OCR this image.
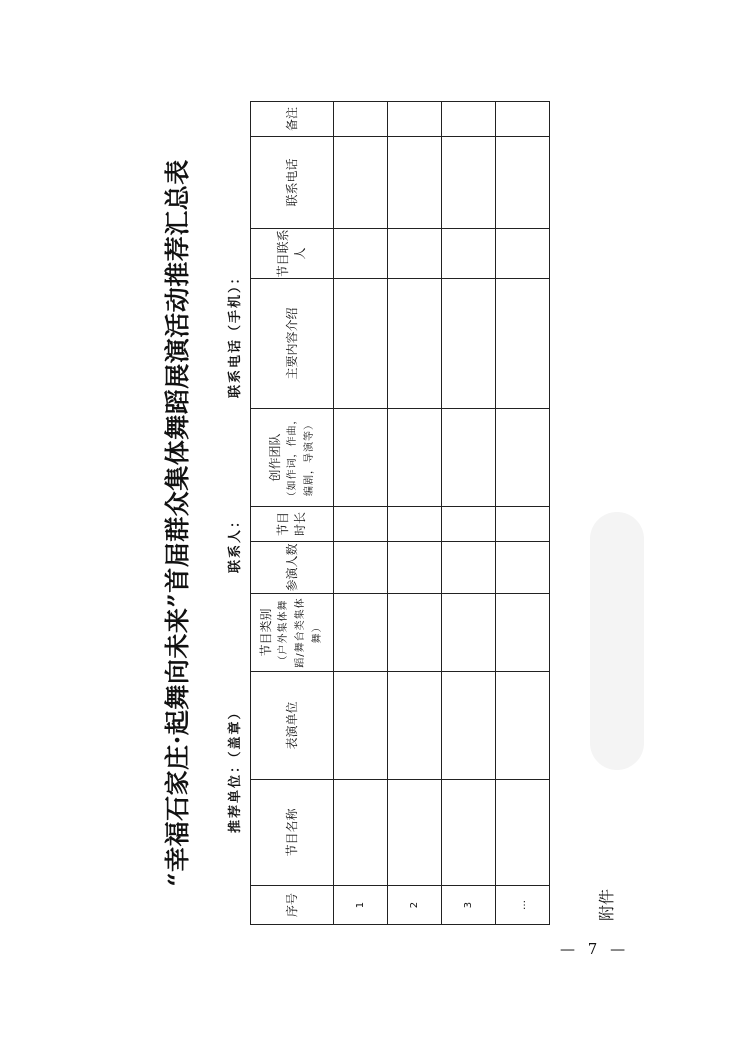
附件
“幸福石家庄·起舞向未来”首届群众集体舞蹈展演活动推荐汇总表	推荐单位：（盖章）
联系人：
联系电话（手机）：
序号	节目名称	表演单位	节目类别 （户外集体舞蹈/舞台类集体舞）	参演人数	节目时长	创作团队 （如作词，作曲，编剧，导演等）	主要内容介绍	节目联系人	联系电话	备注
1										
2										
3										
…										
— 7 —
